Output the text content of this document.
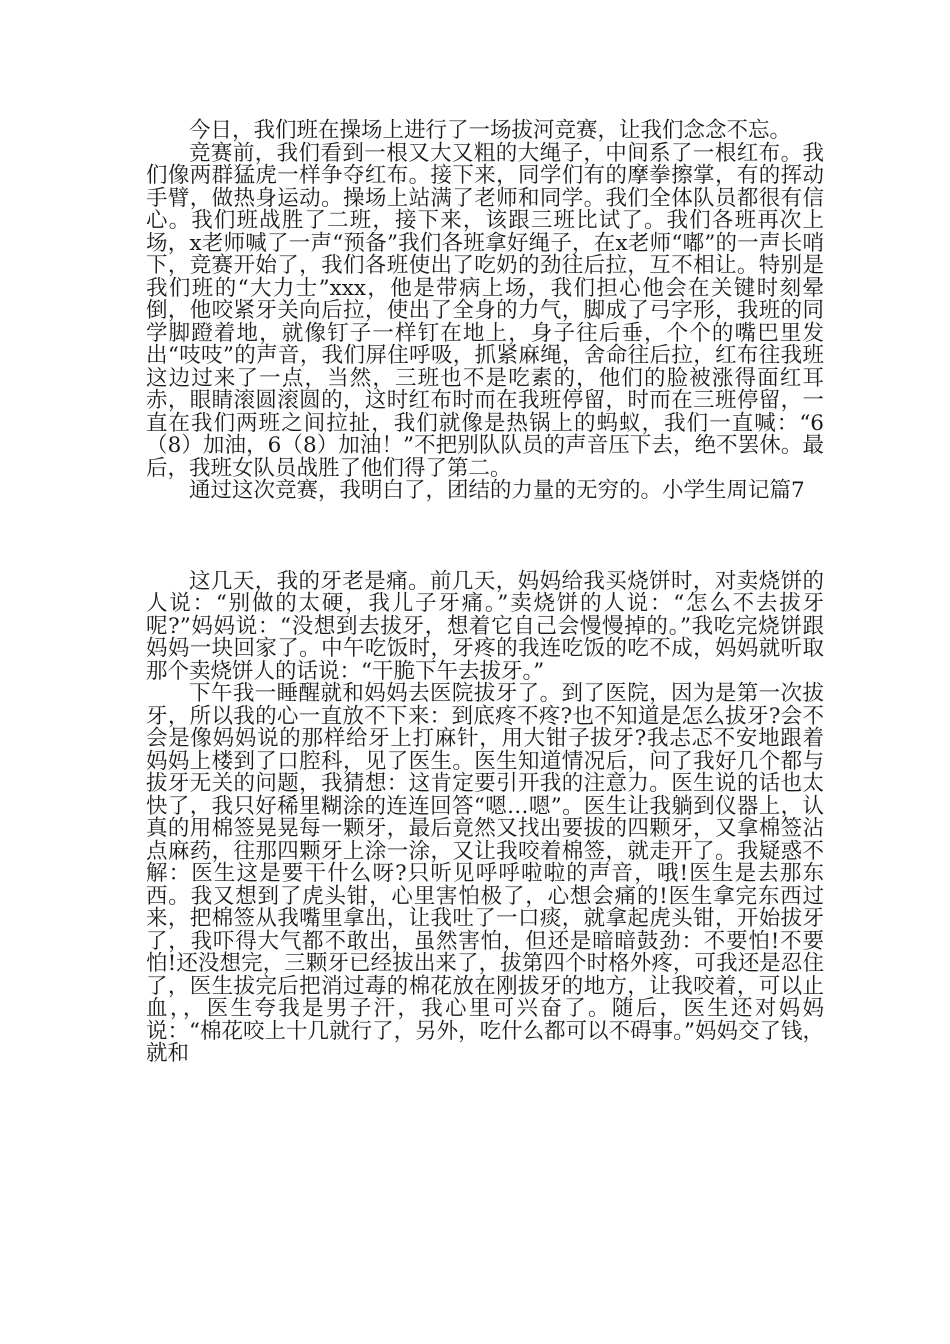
今日，我们班在操场上进行了一场拔河竞赛，让我们念念不忘。

竞赛前，我们看到一根又大又粗的大绳子，中间系了一根红布。我们像两群猛虎一样争夺红布。接下来，同学们有的摩拳擦掌，有的挥动手臂，做热身运动。操场上站满了老师和同学。我们全体队员都很有信心。我们班战胜了二班，接下来，该跟三班比试了。我们各班再次上场，x老师喊了一声“预备”我们各班拿好绳子，在x老师“嘟”的一声长哨下，竞赛开始了，我们各班使出了吃奶的劲往后拉，互不相让。特别是我们班的“大力士”xxx，他是带病上场，我们担心他会在关键时刻晕倒，他咬紧牙关向后拉，使出了全身的力气，脚成了弓字形，我班的同学脚蹬着地，就像钉子一样钉在地上，身子往后垂，个个的嘴巴里发出“吱吱”的声音，我们屏住呼吸，抓紧麻绳，舍命往后拉，红布往我班这边过来了一点，当然，三班也不是吃素的，他们的脸被涨得面红耳赤，眼睛滚圆滚圆的，这时红布时而在我班停留，时而在三班停留，一直在我们两班之间拉扯，我们就像是热锅上的蚂蚁，我们一直喊：“6（8）加油，6（8）加油！”不把别队队员的声音压下去，绝不罢休。最后，我班女队员战胜了他们得了第二。

通过这次竞赛，我明白了，团结的力量的无穷的。小学生周记篇7

这几天，我的牙老是痛。前几天，妈妈给我买烧饼时，对卖烧饼的人说：“别做的太硬，我儿子牙痛。”卖烧饼的人说：“怎么不去拔牙呢?”妈妈说：“没想到去拔牙，想着它自己会慢慢掉的。”我吃完烧饼跟妈妈一块回家了。中午吃饭时，牙疼的我连吃饭的吃不成，妈妈就听取那个卖烧饼人的话说：“干脆下午去拔牙。”

下午我一睡醒就和妈妈去医院拔牙了。到了医院，因为是第一次拔牙，所以我的心一直放不下来：到底疼不疼?也不知道是怎么拔牙?会不会是像妈妈说的那样给牙上打麻针，用大钳子拔牙?我忐忑不安地跟着妈妈上楼到了口腔科，见了医生。医生知道情况后，问了我好几个都与拔牙无关的问题，我猜想：这肯定要引开我的注意力。医生说的话也太快了，我只好稀里糊涂的连连回答“嗯…嗯”。医生让我躺到仪器上，认真的用棉签晃晃每一颗牙，最后竟然又找出要拔的四颗牙，又拿棉签沾点麻药，往那四颗牙上涂一涂，又让我咬着棉签，就走开了。我疑惑不解：医生这是要干什么呀?只听见呼呼啦啦的声音，哦!医生是去那东西。我又想到了虎头钳，心里害怕极了，心想会痛的!医生拿完东西过来，把棉签从我嘴里拿出，让我吐了一口痰，就拿起虎头钳，开始拔牙了，我吓得大气都不敢出，虽然害怕，但还是暗暗鼓劲：不要怕!不要怕!还没想完，三颗牙已经拔出来了，拔第四个时格外疼，可我还是忍住了，医生拔完后把消过毒的棉花放在刚拔牙的地方，让我咬着，可以止血，，医生夸我是男子汗，我心里可兴奋了。随后，医生还对妈妈说：“棉花咬上十几就行了，另外，吃什么都可以不碍事。”妈妈交了钱，就和
